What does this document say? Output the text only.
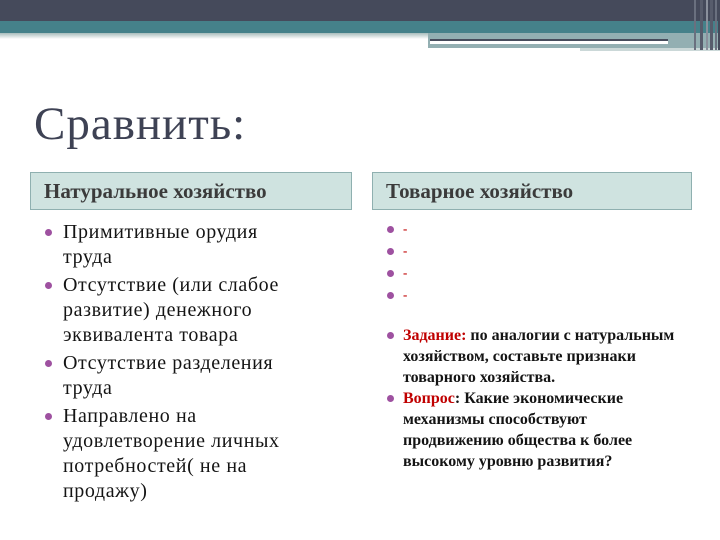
Сравнить:
Натуральное хозяйство
Примитивные орудия труда
Отсутствие (или слабое развитие) денежного эквивалента товара
Отсутствие разделения труда
Направлено на удовлетворение личных потребностей( не на продажу)
Товарное хозяйство
-
-
-
-
Задание: по аналогии с натуральным хозяйством, составьте признаки товарного хозяйства.
Вопрос: Какие экономические механизмы способствуют продвижению общества к более высокому уровню развития?
